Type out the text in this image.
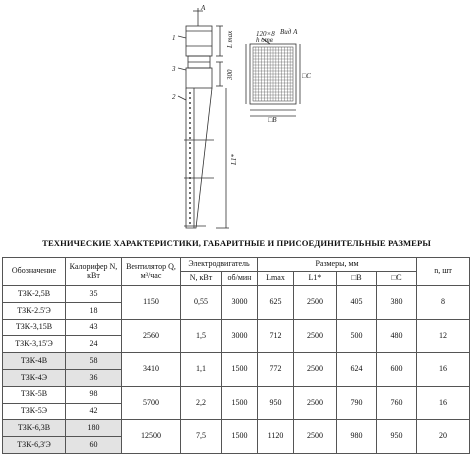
A
1
3
2
L max
300
L1*
Вид А
120×8
h отв
□C
□B
ТЕХНИЧЕСКИЕ ХАРАКТЕРИСТИКИ, ГАБАРИТНЫЕ И ПРИСОЕДИНИТЕЛЬНЫЕ РАЗМЕРЫ
Обозначение	Калорифер N, кВт	Вентилятор Q, м³/час	Электродвигатель		Размеры, мм				n, шт
			N, кВт	об/мин	Lmax	L1*	□B	□C	
ТЗК-2,5В	35	1150	0,55	3000	625	2500	405	380	8
ТЗК-2.5'Э	18								
ТЗК-3,15В	43	2560	1,5	3000	712	2500	500	480	12
ТЗК-3,15'Э	24								
ТЗК-4В	58	3410	1,1	1500	772	2500	624	600	16
ТЗК-4Э	36								
ТЗК-5В	98	5700	2,2	1500	950	2500	790	760	16
ТЗК-5Э	42								
ТЗК-6,3В	180	12500	7,5	1500	1120	2500	980	950	20
ТЗК-6,3'Э	60								
